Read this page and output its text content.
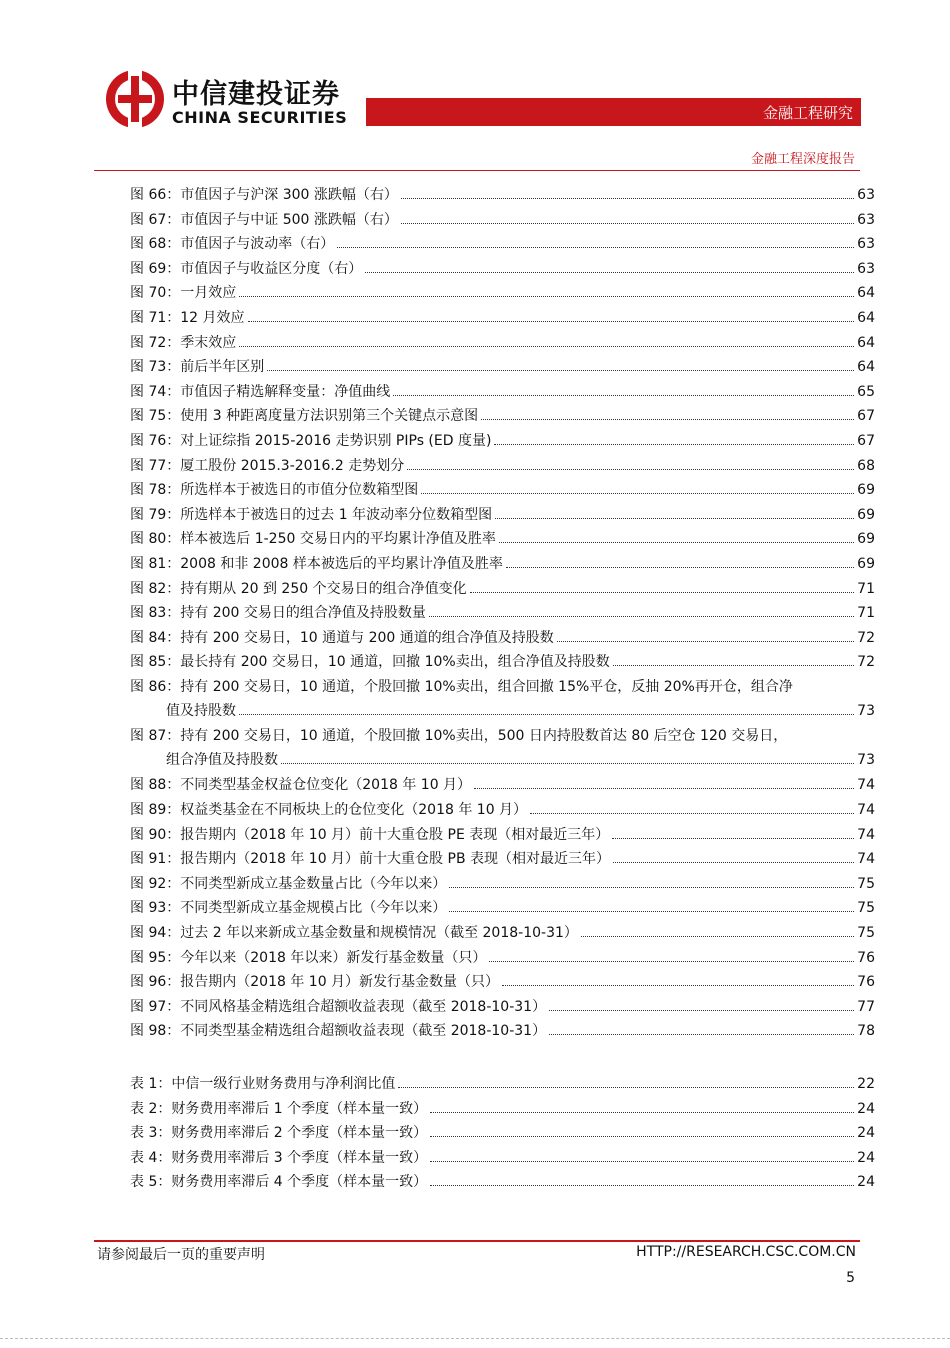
中信建投证券
CHINA SECURITIES	金融工程研究
金融工程深度报告
图 66：市值因子与沪深 300 涨跌幅（右）	63
图 67：市值因子与中证 500 涨跌幅（右）	63
图 68：市值因子与波动率（右）	63
图 69：市值因子与收益区分度（右）	63
图 70：一月效应	64
图 71：12 月效应	64
图 72：季末效应	64
图 73：前后半年区别	64
图 74：市值因子精选解释变量：净值曲线	65
图 75：使用 3 种距离度量方法识别第三个关键点示意图	67
图 76：对上证综指 2015-2016 走势识别 PIPs (ED 度量)	67
图 77：厦工股份 2015.3-2016.2 走势划分	68
图 78：所选样本于被选日的市值分位数箱型图	69
图 79：所选样本于被选日的过去 1 年波动率分位数箱型图	69
图 80：样本被选后 1-250 交易日内的平均累计净值及胜率	69
图 81：2008 和非 2008 样本被选后的平均累计净值及胜率	69
图 82：持有期从 20 到 250 个交易日的组合净值变化	71
图 83：持有 200 交易日的组合净值及持股数量	71
图 84：持有 200 交易日，10 通道与 200 通道的组合净值及持股数	72
图 85：最长持有 200 交易日，10 通道，回撤 10%卖出，组合净值及持股数	72
图 86：持有 200 交易日，10 通道，个股回撤 10%卖出，组合回撤 15%平仓，反抽 20%再开仓，组合净
值及持股数	73
图 87：持有 200 交易日，10 通道，个股回撤 10%卖出，500 日内持股数首达 80 后空仓 120 交易日，
组合净值及持股数	73
图 88：不同类型基金权益仓位变化（2018 年 10 月）	74
图 89：权益类基金在不同板块上的仓位变化（2018 年 10 月）	74
图 90：报告期内（2018 年 10 月）前十大重仓股 PE 表现（相对最近三年）	74
图 91：报告期内（2018 年 10 月）前十大重仓股 PB 表现（相对最近三年）	74
图 92：不同类型新成立基金数量占比（今年以来）	75
图 93：不同类型新成立基金规模占比（今年以来）	75
图 94：过去 2 年以来新成立基金数量和规模情况（截至 2018-10-31）	75
图 95：今年以来（2018 年以来）新发行基金数量（只）	76
图 96：报告期内（2018 年 10 月）新发行基金数量（只）	76
图 97：不同风格基金精选组合超额收益表现（截至 2018-10-31）	77
图 98：不同类型基金精选组合超额收益表现（截至 2018-10-31）	78
表 1：中信一级行业财务费用与净利润比值	22
表 2：财务费用率滞后 1 个季度（样本量一致）	24
表 3：财务费用率滞后 2 个季度（样本量一致）	24
表 4：财务费用率滞后 3 个季度（样本量一致）	24
表 5：财务费用率滞后 4 个季度（样本量一致）	24
请参阅最后一页的重要声明	HTTP://RESEARCH.CSC.COM.CN
5
